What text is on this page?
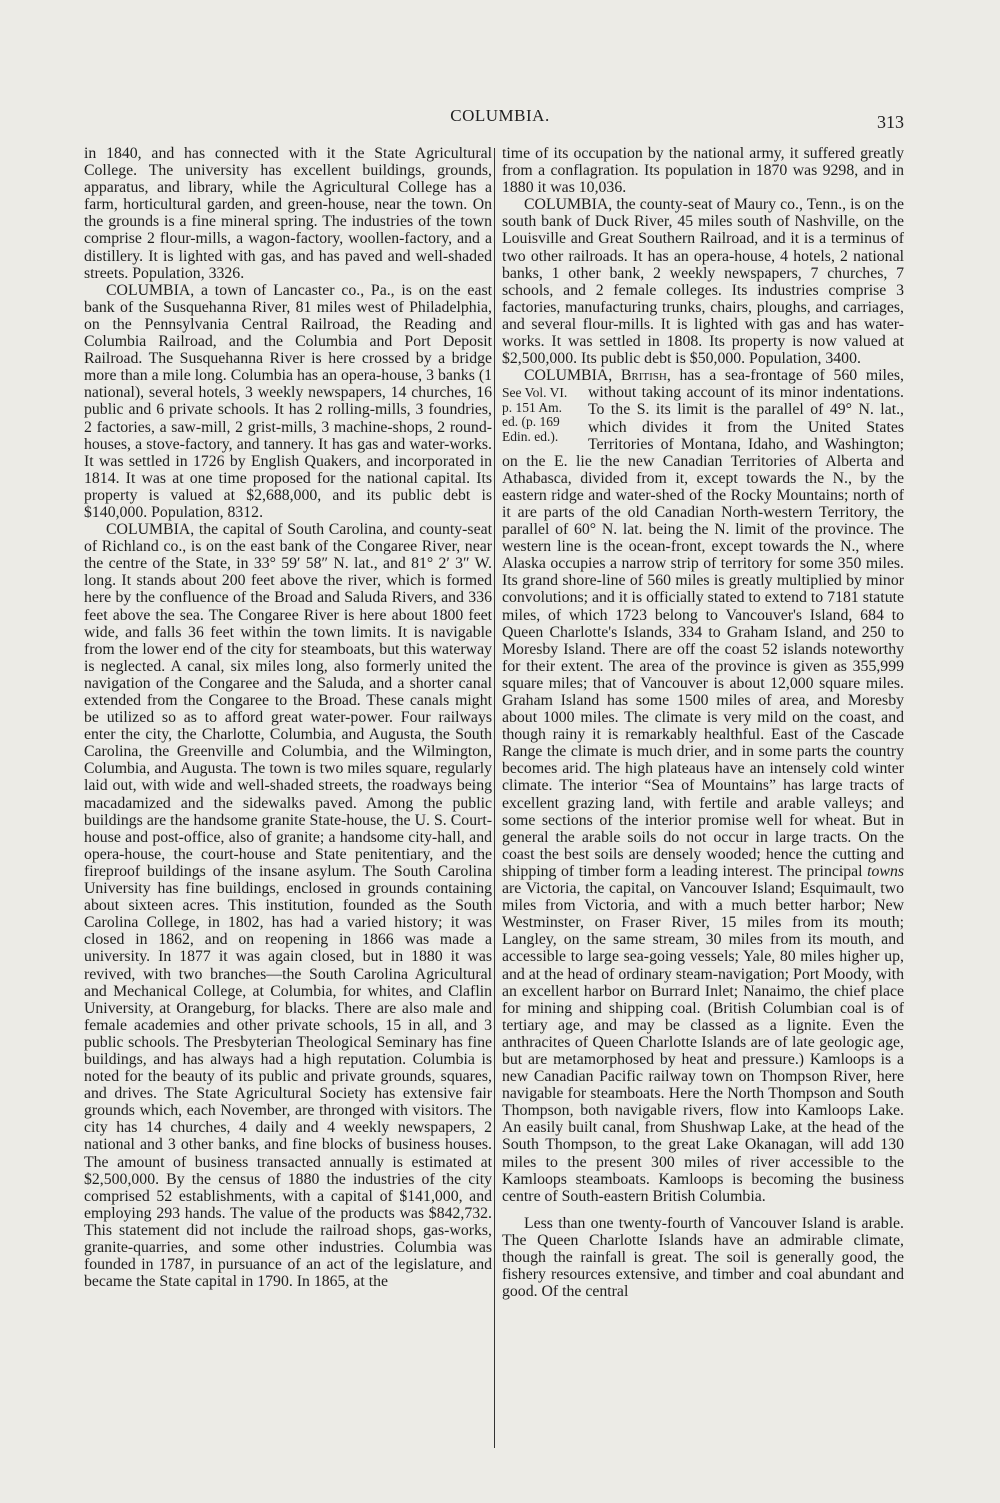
COLUMBIA.	313

in 1840, and has connected with it the State Agricultural College. The university has excellent buildings, grounds, apparatus, and library, while the Agricultural College has a farm, horticultural garden, and green-house, near the town. On the grounds is a fine mineral spring. The industries of the town comprise 2 flour-mills, a wagon-factory, woollen-factory, and a distillery. It is lighted with gas, and has paved and well-shaded streets. Population, 3326.

COLUMBIA, a town of Lancaster co., Pa., is on the east bank of the Susquehanna River, 81 miles west of Philadelphia, on the Pennsylvania Central Railroad, the Reading and Columbia Railroad, and the Columbia and Port Deposit Railroad. The Susquehanna River is here crossed by a bridge more than a mile long. Columbia has an opera-house, 3 banks (1 national), several hotels, 3 weekly newspapers, 14 churches, 16 public and 6 private schools. It has 2 rolling-mills, 3 foundries, 2 factories, a saw-mill, 2 grist-mills, 3 machine-shops, 2 round-houses, a stove-factory, and tannery. It has gas and water-works. It was settled in 1726 by English Quakers, and incorporated in 1814. It was at one time proposed for the national capital. Its property is valued at $2,688,000, and its public debt is $140,000. Population, 8312.

COLUMBIA, the capital of South Carolina, and county-seat of Richland co., is on the east bank of the Congaree River, near the centre of the State, in 33° 59′ 58″ N. lat., and 81° 2′ 3″ W. long. It stands about 200 feet above the river, which is formed here by the confluence of the Broad and Saluda Rivers, and 336 feet above the sea. The Congaree River is here about 1800 feet wide, and falls 36 feet within the town limits. It is navigable from the lower end of the city for steamboats, but this waterway is neglected. A canal, six miles long, also formerly united the navigation of the Congaree and the Saluda, and a shorter canal extended from the Congaree to the Broad. These canals might be utilized so as to afford great water-power. Four railways enter the city, the Charlotte, Columbia, and Augusta, the South Carolina, the Greenville and Columbia, and the Wilmington, Columbia, and Augusta. The town is two miles square, regularly laid out, with wide and well-shaded streets, the roadways being macadamized and the sidewalks paved. Among the public buildings are the handsome granite State-house, the U. S. Court-house and post-office, also of granite; a handsome city-hall, and opera-house, the court-house and State penitentiary, and the fireproof buildings of the insane asylum. The South Carolina University has fine buildings, enclosed in grounds containing about sixteen acres. This institution, founded as the South Carolina College, in 1802, has had a varied history; it was closed in 1862, and on reopening in 1866 was made a university. In 1877 it was again closed, but in 1880 it was revived, with two branches—the South Carolina Agricultural and Mechanical College, at Columbia, for whites, and Claflin University, at Orangeburg, for blacks. There are also male and female academies and other private schools, 15 in all, and 3 public schools. The Presbyterian Theological Seminary has fine buildings, and has always had a high reputation. Columbia is noted for the beauty of its public and private grounds, squares, and drives. The State Agricultural Society has extensive fair grounds which, each November, are thronged with visitors. The city has 14 churches, 4 daily and 4 weekly newspapers, 2 national and 3 other banks, and fine blocks of business houses. The amount of business transacted annually is estimated at $2,500,000. By the census of 1880 the industries of the city comprised 52 establishments, with a capital of $141,000, and employing 293 hands. The value of the products was $842,732. This statement did not include the railroad shops, gas-works, granite-quarries, and some other industries. Columbia was founded in 1787, in pursuance of an act of the legislature, and became the State capital in 1790. In 1865, at the

time of its occupation by the national army, it suffered greatly from a conflagration. Its population in 1870 was 9298, and in 1880 it was 10,036.

COLUMBIA, the county-seat of Maury co., Tenn., is on the south bank of Duck River, 45 miles south of Nashville, on the Louisville and Great Southern Railroad, and it is a terminus of two other railroads. It has an opera-house, 4 hotels, 2 national banks, 1 other bank, 2 weekly newspapers, 7 churches, 7 schools, and 2 female colleges. Its industries comprise 3 factories, manufacturing trunks, chairs, ploughs, and carriages, and several flour-mills. It is lighted with gas and has water-works. It was settled in 1808. Its property is now valued at $2,500,000. Its public debt is $50,000. Population, 3400.

COLUMBIA, British, has a sea-frontage of 560
See Vol. VI.
p. 151 Am.
ed. (p. 169
Edin. ed.).
miles, without taking account of its minor indentations. To the S. its limit is the parallel of 49° N. lat., which divides it from the United States Territories of Montana, Idaho, and Washington; on the E. lie the new Canadian Territories of Alberta and Athabasca, divided from it, except towards the N., by the eastern ridge and water-shed of the Rocky Mountains; north of it are parts of the old Canadian North-western Territory, the parallel of 60° N. lat. being the N. limit of the province. The western line is the ocean-front, except towards the N., where Alaska occupies a narrow strip of territory for some 350 miles. Its grand shore-line of 560 miles is greatly multiplied by minor convolutions; and it is officially stated to extend to 7181 statute miles, of which 1723 belong to Vancouver's Island, 684 to Queen Charlotte's Islands, 334 to Graham Island, and 250 to Moresby Island. There are off the coast 52 islands noteworthy for their extent. The area of the province is given as 355,999 square miles; that of Vancouver is about 12,000 square miles. Graham Island has some 1500 miles of area, and Moresby about 1000 miles. The climate is very mild on the coast, and though rainy it is remarkably healthful. East of the Cascade Range the climate is much drier, and in some parts the country becomes arid. The high plateaus have an intensely cold winter climate. The interior “Sea of Mountains” has large tracts of excellent grazing land, with fertile and arable valleys; and some sections of the interior promise well for wheat. But in general the arable soils do not occur in large tracts. On the coast the best soils are densely wooded; hence the cutting and shipping of timber form a leading interest. The principal towns are Victoria, the capital, on Vancouver Island; Esquimault, two miles from Victoria, and with a much better harbor; New Westminster, on Fraser River, 15 miles from its mouth; Langley, on the same stream, 30 miles from its mouth, and accessible to large sea-going vessels; Yale, 80 miles higher up, and at the head of ordinary steam-navigation; Port Moody, with an excellent harbor on Burrard Inlet; Nanaimo, the chief place for mining and shipping coal. (British Columbian coal is of tertiary age, and may be classed as a lignite. Even the anthracites of Queen Charlotte Islands are of late geologic age, but are metamorphosed by heat and pressure.) Kamloops is a new Canadian Pacific railway town on Thompson River, here navigable for steamboats. Here the North Thompson and South Thompson, both navigable rivers, flow into Kamloops Lake. An easily built canal, from Shushwap Lake, at the head of the South Thompson, to the great Lake Okanagan, will add 130 miles to the present 300 miles of river accessible to the Kamloops steamboats. Kamloops is becoming the business centre of South-eastern British Columbia.

Less than one twenty-fourth of Vancouver Island is arable. The Queen Charlotte Islands have an admirable climate, though the rainfall is great. The soil is generally good, the fishery resources extensive, and timber and coal abundant and good. Of the central
